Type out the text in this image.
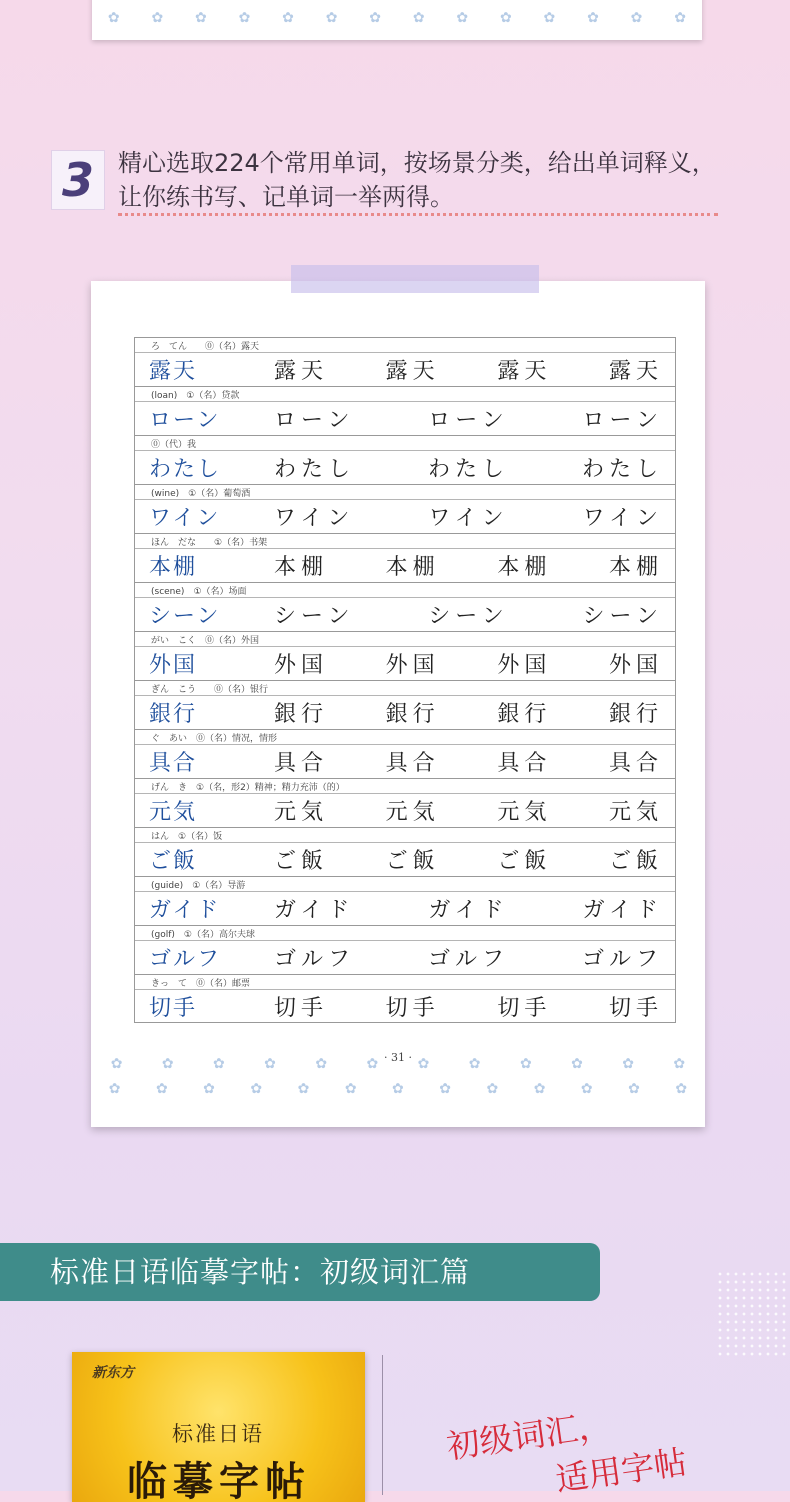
✿ ✿ ✿ ✿ ✿ ✿ ✿ ✿ ✿ ✿ ✿ ✿ ✿ ✿
3	精心选取224个常用单词，按场景分类，给出单词释义，让你练书写、记单词一举两得。
ろ　てん　　⓪（名）露天
露天	露天	露天	露天	露天
(loan)　①（名）贷款
ローン	ローン	ローン	ローン
⓪（代）我
わたし	わたし	わたし	わたし
(wine)　①（名）葡萄酒
ワイン	ワイン	ワイン	ワイン
ほん　だな　　①（名）书架
本棚	本棚	本棚	本棚	本棚
(scene)　①（名）场面
シーン	シーン	シーン	シーン
がい　こく　⓪（名）外国
外国	外国	外国	外国	外国
ぎん　こう　　⓪（名）银行
銀行	銀行	銀行	銀行	銀行
ぐ　あい　⓪（名）情况，情形
具合	具合	具合	具合	具合
げん　き　①（名，形2）精神；精力充沛（的）
元気	元気	元気	元気	元気
はん　①（名）饭
ご飯	ご飯	ご飯	ご飯	ご飯
(guide)　①（名）导游
ガイド	ガイド	ガイド	ガイド
(golf)　①（名）高尔夫球
ゴルフ	ゴルフ	ゴルフ	ゴルフ
きっ　て　⓪（名）邮票
切手	切手	切手	切手	切手
✿	✿	✿	✿	✿	✿	✿	✿	✿	✿	✿	✿
· 31 ·
✿	✿	✿	✿	✿	✿	✿	✿	✿	✿	✿	✿	✿
标准日语临摹字帖：初级词汇篇
新东方
标准日语
临摹字帖
初级词汇，
适用字帖
